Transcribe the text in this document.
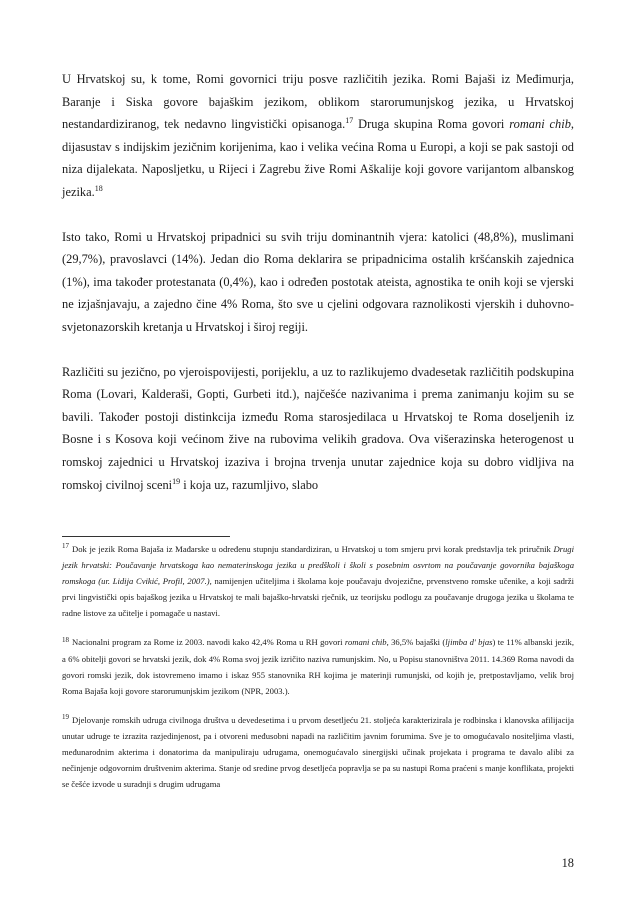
U Hrvatskoj su, k tome, Romi govornici triju posve različitih jezika. Romi Bajaši iz Međimurja, Baranje i Siska govore bajaškim jezikom, oblikom starorumunjskog jezika, u Hrvatskoj nestandardiziranog, tek nedavno lingvistički opisanoga.$^{17}$ Druga skupina Roma govori romani chib, dijasustav s indijskim jezičnim korijenima, kao i velika većina Roma u Europi, a koji se pak sastoji od niza dijalekata. Naposljetku, u Rijeci i Zagrebu žive Romi Aškalije koji govore varijantom albanskog jezika.$^{18}$

Isto tako, Romi u Hrvatskoj pripadnici su svih triju dominantnih vjera: katolici (48,8%), muslimani (29,7%), pravoslavci (14%). Jedan dio Roma deklarira se pripadnicima ostalih kršćanskih zajednica (1%), ima također protestanata (0,4%), kao i određen postotak ateista, agnostika te onih koji se vjerski ne izjašnjavaju, a zajedno čine 4% Roma, što sve u cjelini odgovara raznolikosti vjerskih i duhovno-svjetonazorskih kretanja u Hrvatskoj i široj regiji.

Različiti su jezično, po vjeroispovijesti, porijeklu, a uz to razlikujemo dvadesetak različitih podskupina Roma (Lovari, Kalderaši, Gopti, Gurbeti itd.), najčešće nazivanima i prema zanimanju kojim su se bavili. Također postoji distinkcija između Roma starosjedilaca u Hrvatskoj te Roma doseljenih iz Bosne i s Kosova koji većinom žive na rubovima velikih gradova. Ova višerazinska heterogenost u romskoj zajednici u Hrvatskoj izaziva i brojna trvenja unutar zajednice koja su dobro vidljiva na romskoj civilnoj sceni$^{19}$ i koja uz, razumljivo, slabo

$^{17}$ Dok je jezik Roma Bajaša iz Mađarske u određenu stupnju standardiziran, u Hrvatskoj u tom smjeru prvi korak predstavlja tek priručnik Drugi jezik hrvatski: Poučavanje hrvatskoga kao nematerinskoga jezika u predškoli i školi s posebnim osvrtom na poučavanje govornika bajaškoga romskoga (ur. Lidija Cvikić, Profil, 2007.), namijenjen učiteljima i školama koje poučavaju dvojezične, prvenstveno romske učenike, a koji sadrži prvi lingvistički opis bajaškog jezika u Hrvatskoj te mali bajaško-hrvatski rječnik, uz teorijsku podlogu za poučavanje drugoga jezika u školama te radne listove za učitelje i pomagače u nastavi.
$^{18}$ Nacionalni program za Rome iz 2003. navodi kako 42,4% Roma u RH govori romani chib, 36,5% bajaški (ljimba d' bjas) te 11% albanski jezik, a 6% obitelji govori se hrvatski jezik, dok 4% Roma svoj jezik izričito naziva rumunjskim. No, u Popisu stanovništva 2011. 14.369 Roma navodi da govori romski jezik, dok istovremeno imamo i iskaz 955 stanovnika RH kojima je materinji rumunjski, od kojih je, pretpostavljamo, velik broj Roma Bajaša koji govore starorumunjskim jezikom (NPR, 2003.).
$^{19}$ Djelovanje romskih udruga civilnoga društva u devedesetima i u prvom desetljeću 21. stoljeća karakterizirala je rodbinska i klanovska afilijacija unutar udruge te izrazita razjedinjenost, pa i otvoreni međusobni napadi na različitim javnim forumima. Sve je to omogućavalo nositeljima vlasti, međunarodnim akterima i donatorima da manipuliraju udrugama, onemogućavalo sinergijski učinak projekata i programa te davalo alibi za nečinjenje odgovornim društvenim akterima. Stanje od sredine prvog desetljeća popravlja se pa su nastupi Roma praćeni s manje konflikata, projekti se češće izvode u suradnji s drugim udrugama
18
